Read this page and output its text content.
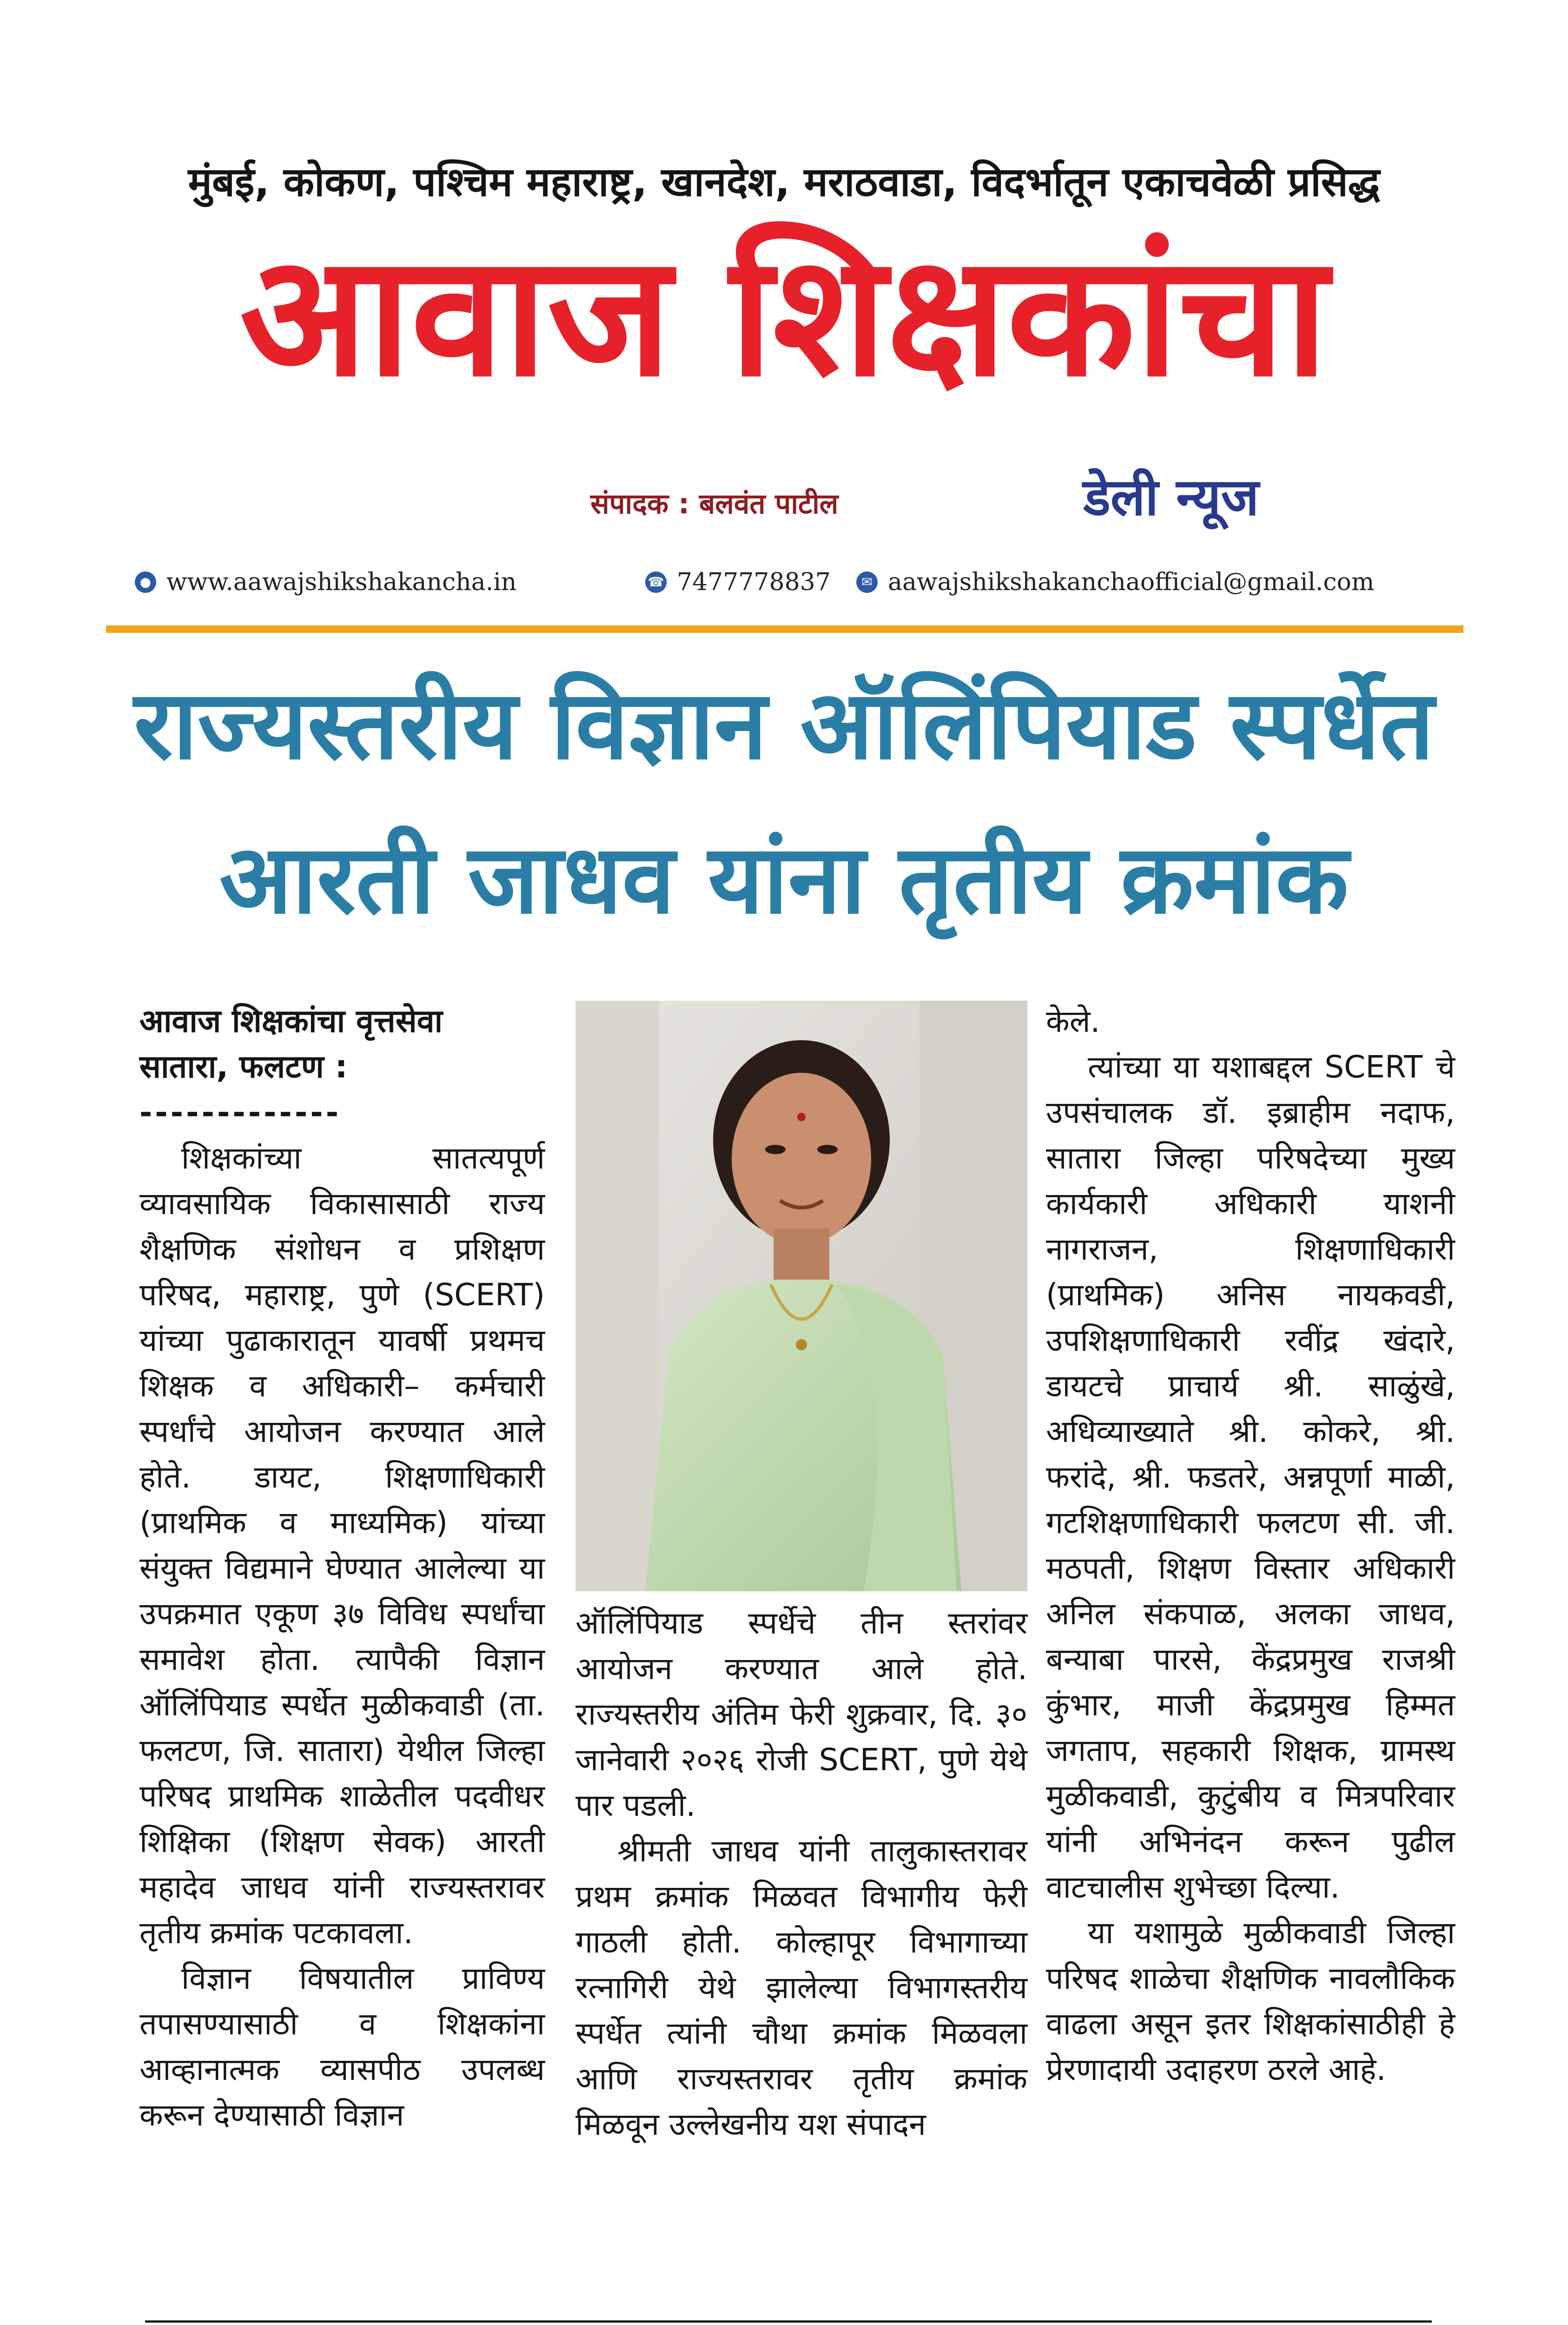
मुंबई, कोकण, पश्चिम महाराष्ट्र, खानदेश, मराठवाडा, विदर्भातून एकाचवेळी प्रसिद्ध
आवाज शिक्षकांचा
संपादक : बलवंत पाटील	डेली न्यूज
● www.aawajshikshakancha.in	☎ 7477778837	✉ aawajshikshakanchaofficial@gmail.com
राज्यस्तरीय विज्ञान ऑलिंपियाड स्पर्धेत
आरती जाधव यांना तृतीय क्रमांक

आवाज शिक्षकांचा वृत्तसेवा

सातारा, फलटण :

-------------

शिक्षकांच्या सातत्यपूर्ण व्यावसायिक विकासासाठी राज्य शैक्षणिक संशोधन व प्रशिक्षण परिषद, महाराष्ट्र, पुणे (SCERT) यांच्या पुढाकारातून यावर्षी प्रथमच शिक्षक व अधिकारी– कर्मचारी स्पर्धांचे आयोजन करण्यात आले होते. डायट, शिक्षणाधिकारी (प्राथमिक व माध्यमिक) यांच्या संयुक्त विद्यमाने घेण्यात आलेल्या या उपक्रमात एकूण ३७ विविध स्पर्धांचा समावेश होता. त्यापैकी विज्ञान ऑलिंपियाड स्पर्धेत मुळीकवाडी (ता. फलटण, जि. सातारा) येथील जिल्हा परिषद प्राथमिक शाळेतील पदवीधर शिक्षिका (शिक्षण सेवक) आरती महादेव जाधव यांनी राज्यस्तरावर तृतीय क्रमांक पटकावला.

विज्ञान विषयातील प्राविण्य तपासण्यासाठी व शिक्षकांना आव्हानात्मक व्यासपीठ उपलब्ध करून देण्यासाठी विज्ञान

ऑलिंपियाड स्पर्धेचे तीन स्तरांवर आयोजन करण्यात आले होते. राज्यस्तरीय अंतिम फेरी शुक्रवार, दि. ३० जानेवारी २०२६ रोजी SCERT, पुणे येथे पार पडली.

श्रीमती जाधव यांनी तालुकास्तरावर प्रथम क्रमांक मिळवत विभागीय फेरी गाठली होती. कोल्हापूर विभागाच्या रत्नागिरी येथे झालेल्या विभागस्तरीय स्पर्धेत त्यांनी चौथा क्रमांक मिळवला आणि राज्यस्तरावर तृतीय क्रमांक मिळवून उल्लेखनीय यश संपादन

केले.

त्यांच्या या यशाबद्दल SCERT चे उपसंचालक डॉ. इब्राहीम नदाफ, सातारा जिल्हा परिषदेच्या मुख्य कार्यकारी अधिकारी याशनी नागराजन, शिक्षणाधिकारी (प्राथमिक) अनिस नायकवडी, उपशिक्षणाधिकारी रवींद्र खंदारे, डायटचे प्राचार्य श्री. साळुंखे, अधिव्याख्याते श्री. कोकरे, श्री. फरांदे, श्री. फडतरे, अन्नपूर्णा माळी, गटशिक्षणाधिकारी फलटण सी. जी. मठपती, शिक्षण विस्तार अधिकारी अनिल संकपाळ, अलका जाधव, बन्याबा पारसे, केंद्रप्रमुख राजश्री कुंभार, माजी केंद्रप्रमुख हिम्मत जगताप, सहकारी शिक्षक, ग्रामस्थ मुळीकवाडी, कुटुंबीय व मित्रपरिवार यांनी अभिनंदन करून पुढील वाटचालीस शुभेच्छा दिल्या.

या यशामुळे मुळीकवाडी जिल्हा परिषद शाळेचा शैक्षणिक नावलौकिक वाढला असून इतर शिक्षकांसाठीही हे प्रेरणादायी उदाहरण ठरले आहे.
